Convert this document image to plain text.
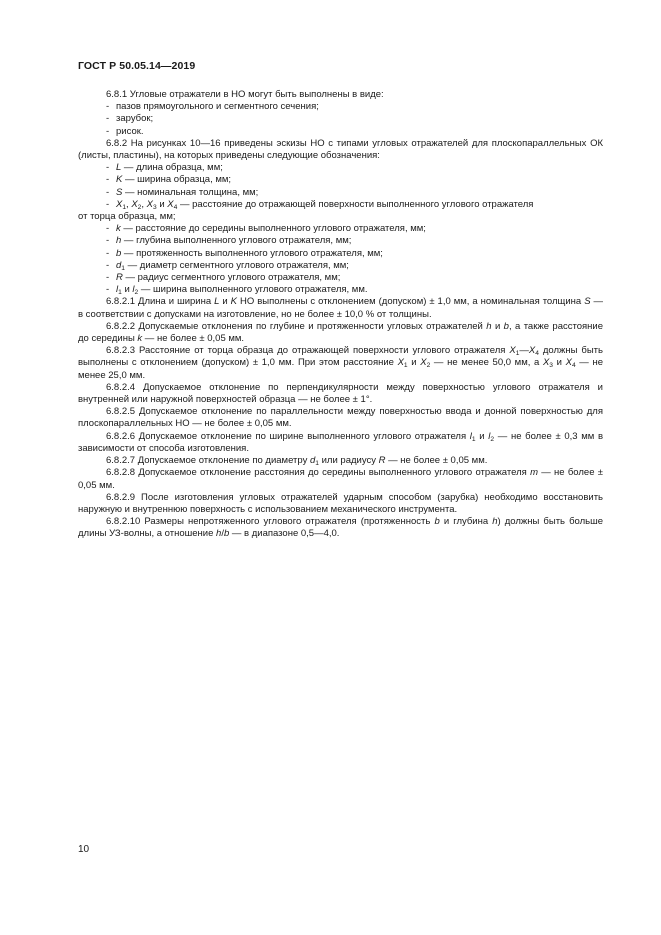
ГОСТ Р 50.05.14—2019
6.8.1 Угловые отражатели в НО могут быть выполнены в виде:
- пазов прямоугольного и сегментного сечения;
- зарубок;
- рисок.
6.8.2 На рисунках 10—16 приведены эскизы НО с типами угловых отражателей для плоскопараллельных ОК (листы, пластины), на которых приведены следующие обозначения:
- L — длина образца, мм;
- K — ширина образца, мм;
- S — номинальная толщина, мм;
- $X_1$, $X_2$, $X_3$ и $X_4$ — расстояние до отражающей поверхности выполненного углового отражателя
от торца образца, мм;
- k — расстояние до середины выполненного углового отражателя, мм;
- h — глубина выполненного углового отражателя, мм;
- b — протяженность выполненного углового отражателя, мм;
- $d_1$ — диаметр сегментного углового отражателя, мм;
- R — радиус сегментного углового отражателя, мм;
- $l_1$ и $l_2$ — ширина выполненного углового отражателя, мм.
6.8.2.1 Длина и ширина L и K НО выполнены с отклонением (допуском) ± 1,0 мм, а номинальная толщина S — в соответствии с допусками на изготовление, но не более ± 10,0 % от толщины.
6.8.2.2 Допускаемые отклонения по глубине и протяженности угловых отражателей h и b, а также расстояние до середины k — не более ± 0,05 мм.
6.8.2.3 Расстояние от торца образца до отражающей поверхности углового отражателя $X_1—X_4$ должны быть выполнены с отклонением (допуском) ± 1,0 мм. При этом расстояние $X_1$ и $X_2$ — не менее 50,0 мм, а $X_3$ и $X_4$ — не менее 25,0 мм.
6.8.2.4 Допускаемое отклонение по перпендикулярности между поверхностью углового отражателя и внутренней или наружной поверхностей образца — не более ± 1°.
6.8.2.5 Допускаемое отклонение по параллельности между поверхностью ввода и донной поверхностью для плоскопараллельных НО — не более ± 0,05 мм.
6.8.2.6 Допускаемое отклонение по ширине выполненного углового отражателя $l_1$ и $l_2$ — не более ± 0,3 мм в зависимости от способа изготовления.
6.8.2.7 Допускаемое отклонение по диаметру $d_1$ или радиусу R — не более ± 0,05 мм.
6.8.2.8 Допускаемое отклонение расстояния до середины выполненного углового отражателя m — не более ± 0,05 мм.
6.8.2.9 После изготовления угловых отражателей ударным способом (зарубка) необходимо восстановить наружную и внутреннюю поверхность с использованием механического инструмента.
6.8.2.10 Размеры непротяженного углового отражателя (протяженность b и глубина h) должны быть больше длины УЗ-волны, а отношение h/b — в диапазоне 0,5—4,0.
10
